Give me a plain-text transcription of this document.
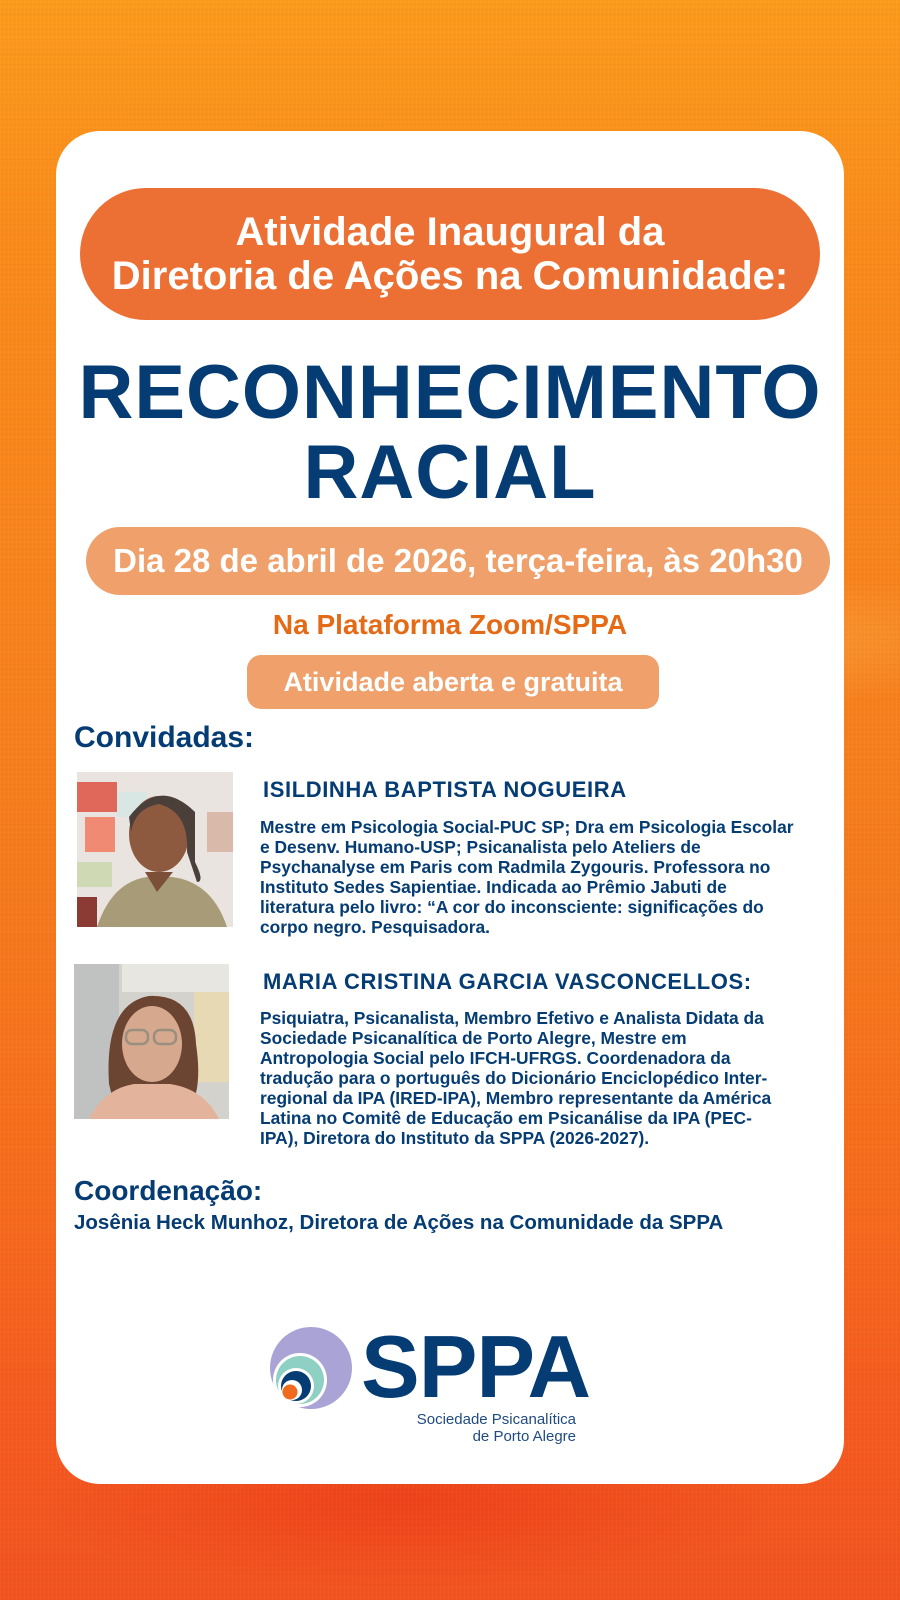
Atividade Inaugural da
Diretoria de Ações na Comunidade:
RECONHECIMENTO
RACIAL
Dia 28 de abril de 2026, terça-feira, às 20h30
Na Plataforma Zoom/SPPA
Atividade aberta e gratuita
Convidadas:
ISILDINHA BAPTISTA NOGUEIRA
Mestre em Psicologia Social-PUC SP; Dra em Psicologia Escolar
e Desenv. Humano-USP; Psicanalista pelo Ateliers de
Psychanalyse em Paris com Radmila Zygouris. Professora no
Instituto Sedes Sapientiae. Indicada ao Prêmio Jabuti de
literatura pelo livro: “A cor do inconsciente: significações do
corpo negro. Pesquisadora.
MARIA CRISTINA GARCIA VASCONCELLOS:
Psiquiatra, Psicanalista, Membro Efetivo e Analista Didata da
Sociedade Psicanalítica de Porto Alegre, Mestre em
Antropologia Social pelo IFCH-UFRGS. Coordenadora da
tradução para o português do Dicionário Enciclopédico Inter-
regional da IPA (IRED-IPA), Membro representante da América
Latina no Comitê de Educação em Psicanálise da IPA (PEC-
IPA), Diretora do Instituto da SPPA (2026-2027).
Coordenação:
Josênia Heck Munhoz, Diretora de Ações na Comunidade da SPPA
SPPA
Sociedade Psicanalítica
de Porto Alegre
